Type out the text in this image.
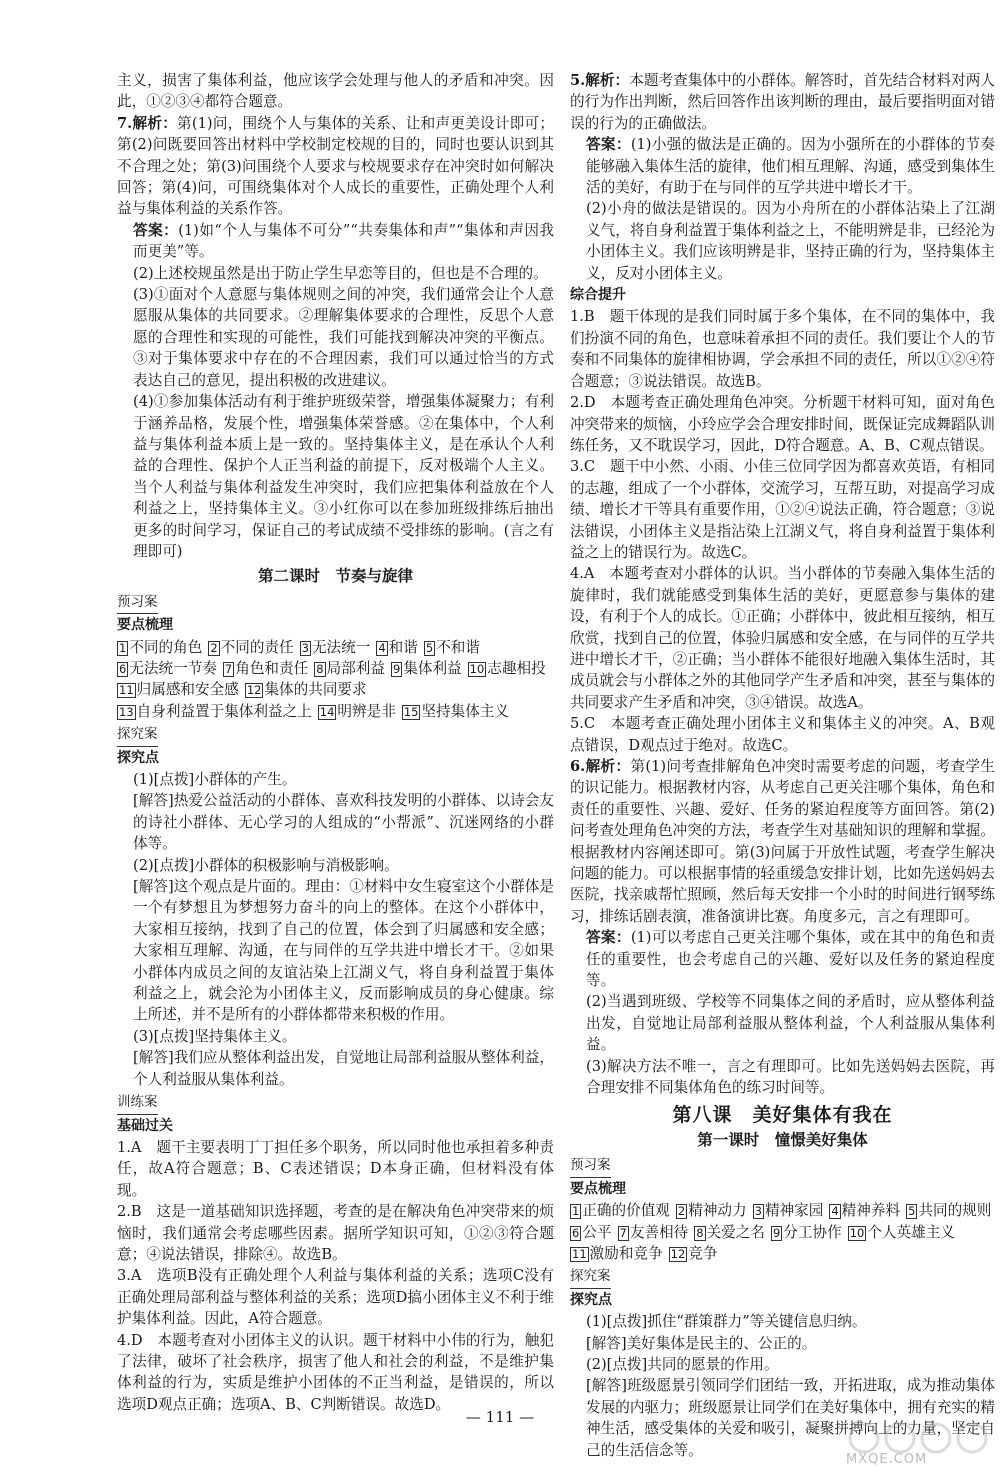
主义，损害了集体利益，他应该学会处理与他人的矛盾和冲突。因此，①②③④都符合题意。

7.解析：第(1)问，围绕个人与集体的关系、让和声更美设计即可；第(2)问既要回答出材料中学校制定校规的目的，同时也要认识到其不合理之处；第(3)问围绕个人要求与校规要求存在冲突时如何解决回答；第(4)问，可围绕集体对个人成长的重要性，正确处理个人利益与集体利益的关系作答。

答案：(1)如“个人与集体不可分”“共奏集体和声”“集体和声因我而更美”等。

(2)上述校规虽然是出于防止学生早恋等目的，但也是不合理的。

(3)①面对个人意愿与集体规则之间的冲突，我们通常会让个人意愿服从集体的共同要求。②理解集体要求的合理性，反思个人意愿的合理性和实现的可能性，我们可能找到解决冲突的平衡点。③对于集体要求中存在的不合理因素，我们可以通过恰当的方式表达自己的意见，提出积极的改进建议。

(4)①参加集体活动有利于维护班级荣誉，增强集体凝聚力；有利于涵养品格，发展个性，增强集体荣誉感。②在集体中，个人利益与集体利益本质上是一致的。坚持集体主义，是在承认个人利益的合理性、保护个人正当利益的前提下，反对极端个人主义。当个人利益与集体利益发生冲突时，我们应把集体利益放在个人利益之上，坚持集体主义。③小红你可以在参加班级排练后抽出更多的时间学习，保证自己的考试成绩不受排练的影响。(言之有理即可)

第二课时　节奏与旋律
预习案
要点梳理
1 不同的角色 2 不同的责任 3 无法统一 4 和谐 5 不和谐
6 无法统一节奏 7 角色和责任 8 局部利益 9 集体利益 10 志趣相投
11 归属感和安全感 12 集体的共同要求
13 自身利益置于集体利益之上 14 明辨是非 15 坚持集体主义
探究案
探究点

(1)[点拨]小群体的产生。

[解答]热爱公益活动的小群体、喜欢科技发明的小群体、以诗会友的诗社小群体、无心学习的人组成的“小帮派”、沉迷网络的小群体等。

(2)[点拨]小群体的积极影响与消极影响。

[解答]这个观点是片面的。理由：①材料中女生寝室这个小群体是一个有梦想且为梦想努力奋斗的向上的整体。在这个小群体中，大家相互接纳，找到了自己的位置，体会到了归属感和安全感；大家相互理解、沟通，在与同伴的互学共进中增长才干。②如果小群体内成员之间的友谊沾染上江湖义气，将自身利益置于集体利益之上，就会沦为小团体主义，反而影响成员的身心健康。综上所述，并不是所有的小群体都带来积极的作用。

(3)[点拨]坚持集体主义。

[解答]我们应从整体利益出发，自觉地让局部利益服从整体利益，个人利益服从集体利益。

训练案
基础过关

1.A　题干主要表明丁丁担任多个职务，所以同时他也承担着多种责任，故A符合题意；B、C表述错误；D本身正确，但材料没有体现。

2.B　这是一道基础知识选择题，考查的是在解决角色冲突带来的烦恼时，我们通常会考虑哪些因素。据所学知识可知，①②③符合题意；④说法错误，排除④。故选B。

3.A　选项B没有正确处理个人利益与集体利益的关系；选项C没有正确处理局部利益与整体利益的关系；选项D搞小团体主义不利于维护集体利益。因此，A符合题意。

4.D　本题考查对小团体主义的认识。题干材料中小伟的行为，触犯了法律，破坏了社会秩序，损害了他人和社会的利益，不是维护集体利益的行为，实质是维护小团体的不正当利益，是错误的，所以选项D观点正确；选项A、B、C判断错误。故选D。

5.解析：本题考查集体中的小群体。解答时，首先结合材料对两人的行为作出判断，然后回答作出该判断的理由，最后要指明面对错误的行为的正确做法。

答案：(1)小强的做法是正确的。因为小强所在的小群体的节奏能够融入集体生活的旋律，他们相互理解、沟通，感受到集体生活的美好，有助于在与同伴的互学共进中增长才干。

(2)小舟的做法是错误的。因为小舟所在的小群体沾染上了江湖义气，将自身利益置于集体利益之上，不能明辨是非，已经沦为小团体主义。我们应该明辨是非，坚持正确的行为，坚持集体主义，反对小团体主义。

综合提升

1.B　题干体现的是我们同时属于多个集体，在不同的集体中，我们扮演不同的角色，也意味着承担不同的责任。我们要让个人的节奏和不同集体的旋律相协调，学会承担不同的责任，所以①②④符合题意；③说法错误。故选B。

2.D　本题考查正确处理角色冲突。分析题干材料可知，面对角色冲突带来的烦恼，小玲应学会合理安排时间，既保证完成舞蹈队训练任务，又不耽误学习，因此，D符合题意。A、B、C观点错误。

3.C　题干中小然、小雨、小佳三位同学因为都喜欢英语，有相同的志趣，组成了一个小群体，交流学习，互帮互助，对提高学习成绩、增长才干等具有重要作用，①②④说法正确，符合题意；③说法错误，小团体主义是指沾染上江湖义气，将自身利益置于集体利益之上的错误行为。故选C。

4.A　本题考查对小群体的认识。当小群体的节奏融入集体生活的旋律时，我们就能感受到集体生活的美好，更愿意参与集体的建设，有利于个人的成长。①正确；小群体中，彼此相互接纳，相互欣赏，找到自己的位置，体验归属感和安全感，在与同伴的互学共进中增长才干，②正确；当小群体不能很好地融入集体生活时，其成员就会与小群体之外的其他同学产生矛盾和冲突，甚至与集体的共同要求产生矛盾和冲突，③④错误。故选A。

5.C　本题考查正确处理小团体主义和集体主义的冲突。A、B观点错误，D观点过于绝对。故选C。

6.解析：第(1)问考查排解角色冲突时需要考虑的问题，考查学生的识记能力。根据教材内容，从考虑自己更关注哪个集体，角色和责任的重要性、兴趣、爱好、任务的紧迫程度等方面回答。第(2)问考查处理角色冲突的方法，考查学生对基础知识的理解和掌握。根据教材内容阐述即可。第(3)问属于开放性试题，考查学生解决问题的能力。可以根据事情的轻重缓急安排计划，比如先送妈妈去医院，找亲戚帮忙照顾，然后每天安排一个小时的时间进行钢琴练习，排练话剧表演，准备演讲比赛。角度多元，言之有理即可。

答案：(1)可以考虑自己更关注哪个集体，或在其中的角色和责任的重要性，也会考虑自己的兴趣、爱好以及任务的紧迫程度等。

(2)当遇到班级、学校等不同集体之间的矛盾时，应从整体利益出发，自觉地让局部利益服从整体利益，个人利益服从集体利益。

(3)解决方法不唯一，言之有理即可。比如先送妈妈去医院，再合理安排不同集体角色的练习时间等。

第八课　美好集体有我在
第一课时　憧憬美好集体
预习案
要点梳理
1 正确的价值观 2 精神动力 3 精神家园 4 精神养料 5 共同的规则
6 公平 7 友善相待 8 关爱之名 9 分工协作 10 个人英雄主义
11 激励和竞争 12 竞争
探究案
探究点

(1)[点拨]抓住“群策群力”等关键信息归纳。

[解答]美好集体是民主的、公正的。

(2)[点拨]共同的愿景的作用。

[解答]班级愿景引领同学们团结一致，开拓进取，成为推动集体发展的内驱力；班级愿景让同学们在美好集体中，拥有充实的精神生活，感受集体的关爱和吸引，凝聚拼搏向上的力量，坚定自己的生活信念等。

— 111 —
MXQE.COM
